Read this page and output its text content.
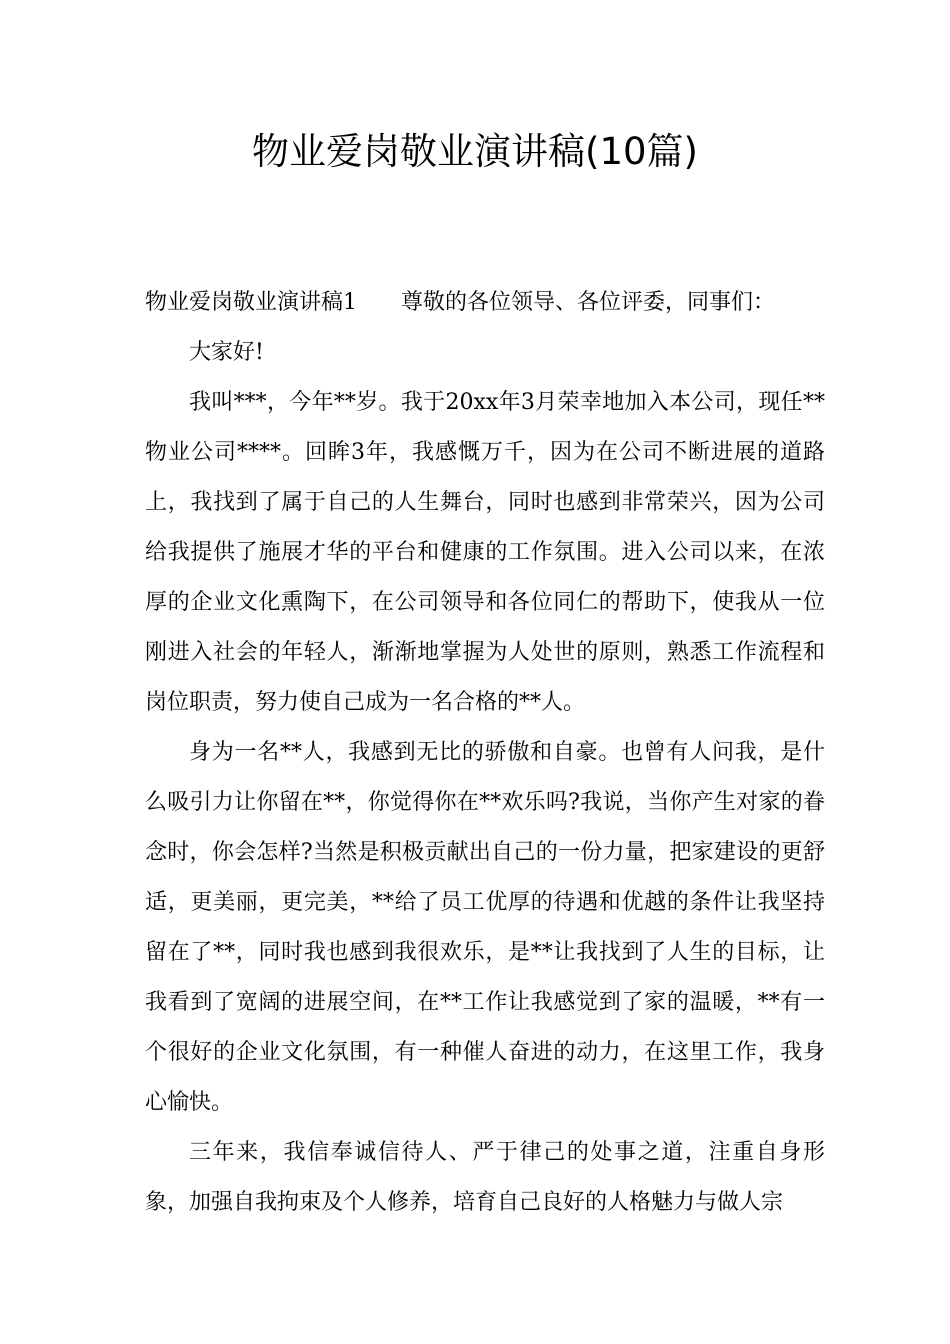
物业爱岗敬业演讲稿(10篇)

物业爱岗敬业演讲稿1 尊敬的各位领导、各位评委，同事们：

大家好!

我叫***，今年**岁。我于20xx年3月荣幸地加入本公司，现任**物业公司****。回眸3年，我感慨万千，因为在公司不断进展的道路上，我找到了属于自己的人生舞台，同时也感到非常荣兴，因为公司给我提供了施展才华的平台和健康的工作氛围。进入公司以来，在浓厚的企业文化熏陶下，在公司领导和各位同仁的帮助下，使我从一位刚进入社会的年轻人，渐渐地掌握为人处世的原则，熟悉工作流程和岗位职责，努力使自己成为一名合格的**人。

身为一名**人，我感到无比的骄傲和自豪。也曾有人问我，是什么吸引力让你留在**，你觉得你在**欢乐吗?我说，当你产生对家的眷念时，你会怎样?当然是积极贡献出自己的一份力量，把家建设的更舒适，更美丽，更完美，**给了员工优厚的待遇和优越的条件让我坚持留在了**，同时我也感到我很欢乐，是**让我找到了人生的目标，让我看到了宽阔的进展空间，在**工作让我感觉到了家的温暖，**有一个很好的企业文化氛围，有一种催人奋进的动力，在这里工作，我身心愉快。

三年来，我信奉诚信待人、严于律己的处事之道，注重自身形象，加强自我拘束及个人修养，培育自己良好的人格魅力与做人宗
